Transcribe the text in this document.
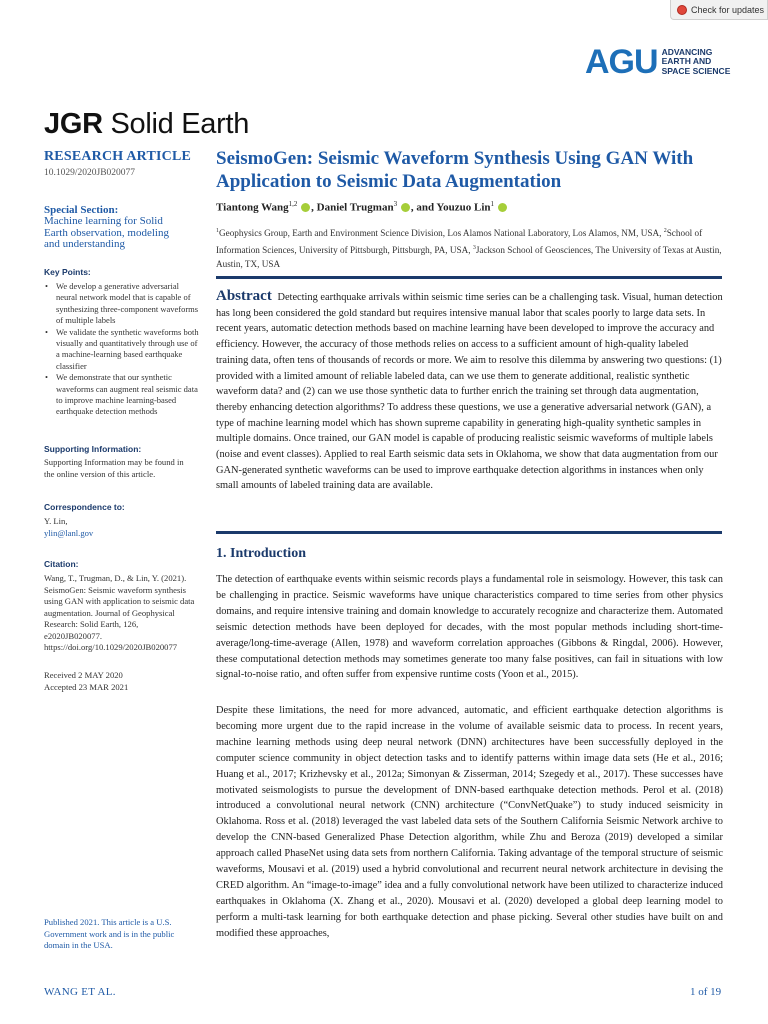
Check for updates
AGU ADVANCING
EARTH AND
SPACE SCIENCE
JGR Solid Earth
RESEARCH ARTICLE
10.1029/2020JB020077
Special Section:
Machine learning for Solid Earth observation, modeling and understanding
Key Points:
• We develop a generative adversarial neural network model that is capable of synthesizing three-component waveforms of multiple labels
• We validate the synthetic waveforms both visually and quantitatively through use of a machine-learning based earthquake classifier
• We demonstrate that our synthetic waveforms can augment real seismic data to improve machine learning-based earthquake detection methods
Supporting Information:
Supporting Information may be found in the online version of this article.
Correspondence to:
Y. Lin,
ylin@lanl.gov
Citation:
Wang, T., Trugman, D., & Lin, Y. (2021). SeismoGen: Seismic waveform synthesis using GAN with application to seismic data augmentation. Journal of Geophysical Research: Solid Earth, 126, e2020JB020077. https://doi.org/10.1029/2020JB020077
Received 2 MAY 2020
Accepted 23 MAR 2021
Published 2021. This article is a U.S. Government work and is in the public domain in the USA.
SeismoGen: Seismic Waveform Synthesis Using GAN With Application to Seismic Data Augmentation
Tiantong Wang$^{1,2}$ , Daniel Trugman$^3$ , and Youzuo Lin$^1$
$^1$Geophysics Group, Earth and Environment Science Division, Los Alamos National Laboratory, Los Alamos, NM, USA, $^2$School of Information Sciences, University of Pittsburgh, Pittsburgh, PA, USA, $^3$Jackson School of Geosciences, The University of Texas at Austin, Austin, TX, USA
Abstract Detecting earthquake arrivals within seismic time series can be a challenging task. Visual, human detection has long been considered the gold standard but requires intensive manual labor that scales poorly to large data sets. In recent years, automatic detection methods based on machine learning have been developed to improve the accuracy and efficiency. However, the accuracy of those methods relies on access to a sufficient amount of high-quality labeled training data, often tens of thousands of records or more. We aim to resolve this dilemma by answering two questions: (1) provided with a limited amount of reliable labeled data, can we use them to generate additional, realistic synthetic waveform data? and (2) can we use those synthetic data to further enrich the training set through data augmentation, thereby enhancing detection algorithms? To address these questions, we use a generative adversarial network (GAN), a type of machine learning model which has shown supreme capability in generating high-quality synthetic samples in multiple domains. Once trained, our GAN model is capable of producing realistic seismic waveforms of multiple labels (noise and event classes). Applied to real Earth seismic data sets in Oklahoma, we show that data augmentation from our GAN-generated synthetic waveforms can be used to improve earthquake detection algorithms in instances when only small amounts of labeled training data are available.
1. Introduction
The detection of earthquake events within seismic records plays a fundamental role in seismology. However, this task can be challenging in practice. Seismic waveforms have unique characteristics compared to time series from other physics domains, and require intensive training and domain knowledge to accurately recognize and characterize them. Automated seismic detection methods have been deployed for decades, with the most popular methods including short-time-average/long-time-average (Allen, 1978) and waveform correlation approaches (Gibbons & Ringdal, 2006). However, these computational detection methods may sometimes generate too many false positives, can fail in situations with low signal-to-noise ratio, and often suffer from expensive runtime costs (Yoon et al., 2015).
Despite these limitations, the need for more advanced, automatic, and efficient earthquake detection algorithms is becoming more urgent due to the rapid increase in the volume of available seismic data to process. In recent years, machine learning methods using deep neural network (DNN) architectures have been successfully deployed in the computer science community in object detection tasks and to identify patterns within image data sets (He et al., 2016; Huang et al., 2017; Krizhevsky et al., 2012a; Simonyan & Zisserman, 2014; Szegedy et al., 2017). These successes have motivated seismologists to pursue the development of DNN-based earthquake detection methods. Perol et al. (2018) introduced a convolutional neural network (CNN) architecture (“ConvNetQuake”) to study induced seismicity in Oklahoma. Ross et al. (2018) leveraged the vast labeled data sets of the Southern California Seismic Network archive to develop the CNN-based Generalized Phase Detection algorithm, while Zhu and Beroza (2019) developed a similar approach called PhaseNet using data sets from northern California. Taking advantage of the temporal structure of seismic waveforms, Mousavi et al. (2019) used a hybrid convolutional and recurrent neural network architecture in devising the CRED algorithm. An “image-to-image” idea and a fully convolutional network have been utilized to characterize induced earthquakes in Oklahoma (X. Zhang et al., 2020). Mousavi et al. (2020) developed a global deep learning model to perform a multi-task learning for both earthquake detection and phase picking. Several other studies have built on and modified these approaches,
WANG ET AL.	1 of 19
